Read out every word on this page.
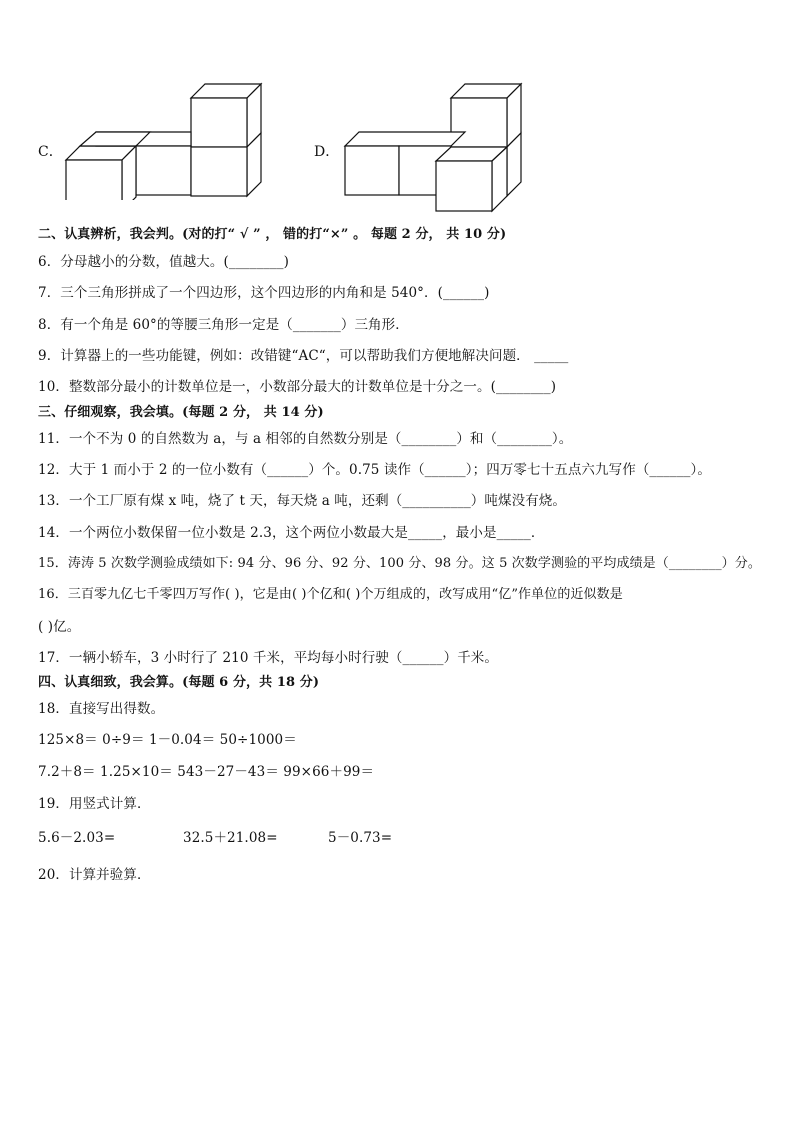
C．	D．
二、认真辨析，我会判。(对的打“ √ ” ， 错的打“×” 。 每题 2 分， 共 10 分)
6．分母越小的分数，值越大。(________)
7．三个三角形拼成了一个四边形，这个四边形的内角和是 540°．(______)
8．有一个角是 60°的等腰三角形一定是（_______）三角形．
9．计算器上的一些功能键，例如：改错键“AC“，可以帮助我们方便地解决问题． _____
10．整数部分最小的计数单位是一，小数部分最大的计数单位是十分之一。(________)
三、仔细观察，我会填。(每题 2 分， 共 14 分)
11．一个不为 0 的自然数为 a，与 a 相邻的自然数分别是（________）和（________）。
12．大于 1 而小于 2 的一位小数有（______）个。0.75 读作（______）；四万零七十五点六九写作（______）。
13．一个工厂原有煤 x 吨，烧了 t 天，每天烧 a 吨，还剩（__________）吨煤没有烧。
14．一个两位小数保留一位小数是 2.3，这个两位小数最大是_____，最小是_____．
15．涛涛 5 次数学测验成绩如下: 94 分、96 分、92 分、100 分、98 分。这 5 次数学测验的平均成绩是（________）分。
16．三百零九亿七千零四万写作( )，它是由( )个亿和( )个万组成的，改写成用“亿”作单位的近似数是
( )亿。
17．一辆小轿车，3 小时行了 210 千米，平均每小时行驶（______）千米。
四、认真细致，我会算。(每题 6 分，共 18 分)
18．直接写出得数。
125×8＝ 0÷9＝ 1－0.04＝ 50÷1000＝
7.2＋8＝ 1.25×10＝ 543－27－43＝ 99×66＋99＝
19．用竖式计算．
5.6－2.03=	32.5＋21.08=	5－0.73=
20．计算并验算．
